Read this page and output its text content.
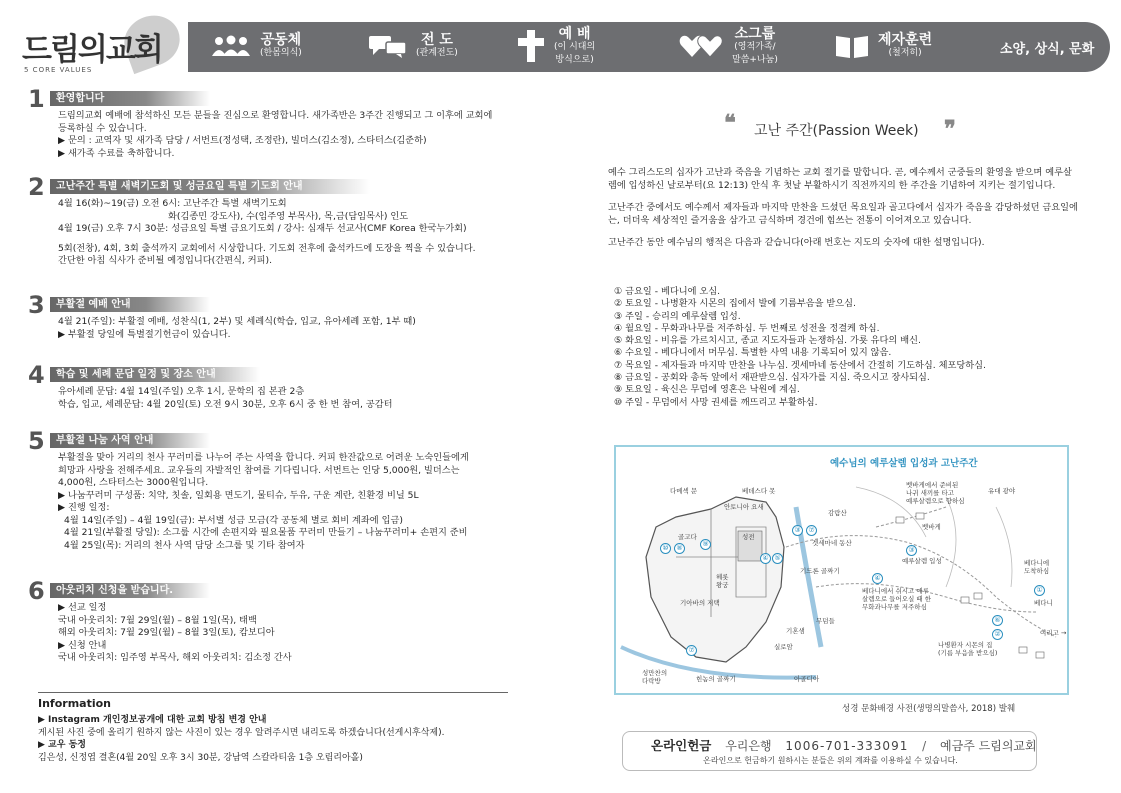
드림의교회
5 CORE VALUES
공동체
(한몸의식)
전 도
(관계전도)
예 배
(이 시대의
방식으로)
소그룹
(영적가족/
말씀+나눔)
제자훈련
(철저히)	소양, 상식, 문화
1	환영합니다

드림의교회 예배에 참석하신 모든 분들을 진심으로 환영합니다. 새가족반은 3주간 진행되고 그 이후에 교회에

등록하실 수 있습니다.

▶ 문의 : 교역자 및 새가족 담당 / 서번트(정성택, 조정란), 빌더스(김소정), 스타터스(김준하)

▶ 새가족 수료를 축하합니다.

2	고난주간 특별 새벽기도회 및 성금요일 특별 기도회 안내

4월 16(화)~19(금) 오전 6시: 고난주간 특별 새벽기도회

화(김종민 강도사), 수(임주영 부목사), 목,금(담임목사) 인도

4월 19(금) 오후 7시 30분: 성금요일 특별 금요기도회 / 강사: 심재두 선교사(CMF Korea 한국누가회)

5회(전창), 4회, 3회 출석까지 교회에서 시상합니다. 기도회 전후에 출석카드에 도장을 찍을 수 있습니다.

간단한 아침 식사가 준비될 예정입니다(간편식, 커피).

3	부활절 예배 안내

4월 21(주일): 부활절 예배, 성찬식(1, 2부) 및 세례식(학습, 입교, 유아세례 포함, 1부 때)

▶ 부활절 당일에 특별절기헌금이 있습니다.

4	학습 및 세례 문답 일정 및 장소 안내

유아세례 문답: 4월 14일(주일) 오후 1시, 문학의 집 본관 2층

학습, 입교, 세례문답: 4월 20일(토) 오전 9시 30분, 오후 6시 중 한 번 참여, 공감터

5	부활절 나눔 사역 안내

부활절을 맞아 거리의 천사 꾸러미를 나누어 주는 사역을 합니다. 커피 한잔값으로 어려운 노숙인들에게

희망과 사랑을 전해주세요. 교우들의 자발적인 참여를 기다립니다. 서번트는 인당 5,000원, 빌더스는

4,000원, 스타터스는 3000원입니다.

▶ 나눔꾸러미 구성품: 치약, 칫솔, 일회용 면도기, 물티슈, 두유, 구운 계란, 친환경 비닐 5L

▶ 진행 일정:

4월 14일(주일) – 4월 19일(금): 부서별 성금 모금(각 공동체 별로 회비 계좌에 입금)

4월 21일(부활절 당일): 소그룹 시간에 손편지와 필요물품 꾸러미 만들기 – 나눔꾸러미+ 손편지 준비

4월 25일(목): 거리의 천사 사역 담당 소그룹 및 기타 참여자

6	아웃리치 신청을 받습니다.

▶ 선교 일정

국내 아웃리치: 7월 29일(월) – 8월 1일(목), 태백

해외 아웃리치: 7월 29일(월) – 8월 3일(토), 캄보디아

▶ 신청 안내

국내 아웃리치: 임주영 부목사, 해외 아웃리치: 김소정 간사

Information

▶ Instagram 개인정보공개에 대한 교회 방침 변경 안내

게시된 사진 중에 올리기 원하지 않는 사진이 있는 경우 알려주시면 내리도록 하겠습니다(선게시후삭제).

▶ 교우 동정

김은성, 신정엽 결혼(4월 20일 오후 3시 30분, 강남역 스칼라티움 1층 오림리아홀)

❝ 고난 주간(Passion Week) ❞

예수 그리스도의 십자가 고난과 죽음을 기념하는 교회 절기를 말합니다. 곧, 예수께서 군중들의 환영을 받으며 예루살렘에 입성하신 날로부터(요 12:13) 안식 후 첫날 부활하시기 직전까지의 한 주간을 기념하여 지키는 절기입니다.

고난주간 중에서도 예수께서 제자들과 마지막 만찬을 드셨던 목요일과 골고다에서 십자가 죽음을 감당하셨던 금요일에는, 더더욱 세상적인 즐거움을 삼가고 금식하며 경건에 힘쓰는 전통이 이어져오고 있습니다.

고난주간 동안 예수님의 행적은 다음과 같습니다(아래 번호는 지도의 숫자에 대한 설명입니다).

① 금요일 - 베다니에 오심.

② 토요일 - 나병환자 시몬의 집에서 발에 기름부음을 받으심.

③ 주일 - 승리의 예루살렘 입성.

④ 월요일 - 무화과나무를 저주하심. 두 번째로 성전을 정결케 하심.

⑤ 화요일 - 비유를 가르치시고, 종교 지도자들과 논쟁하심. 가룟 유다의 배신.

⑥ 수요일 - 베다니에서 머무심. 특별한 사역 내용 기록되어 있지 않음.

⑦ 목요일 - 제자들과 마지막 만찬을 나누심. 겟세마네 동산에서 간절히 기도하심. 체포당하심.

⑧ 금요일 - 공회와 총독 앞에서 재판받으심. 십자가를 지심. 죽으시고 장사되심.

⑨ 토요일 - 육신은 무덤에 영혼은 낙원에 계심.

⑩ 주일 - 무덤에서 사망 권세를 깨뜨리고 부활하심.

예수님의 예루살렘 입성과 고난주간
다메섹 문	베데스다 못
안토니아 요새
골고다	성전
겟세마네 동산
헤롯
왕궁
기아바의 저택
감람산
벳바게에서 준비된
나귀 새끼를 타고
예루살렘으로 향하심
벳바게
예루살렘 입성
베다니에서 쉬시고 예루
살렘으로 들어오실 때 한
무화과나무를 저주하심
베다니에
도착하심
베다니
여리고 →
나병환자 시몬의 집
(기름 부음을 받으심)
기드론 골짜기
무덤들
실로암
기혼샘
성만찬의
다락방	힌놈의 골짜기
유대 광야
아골디아
⑩	⑧	⑨
④ ⑤
③	⑦
③
④
①
②
⑥
⑦
성경 문화배경 사전(생명의말씀사, 2018) 발췌
온라인헌금 우리은행 1006-701-333091 / 예금주 드림의교회
온라인으로 헌금하기 원하시는 분들은 위의 계좌를 이용하실 수 있습니다.
